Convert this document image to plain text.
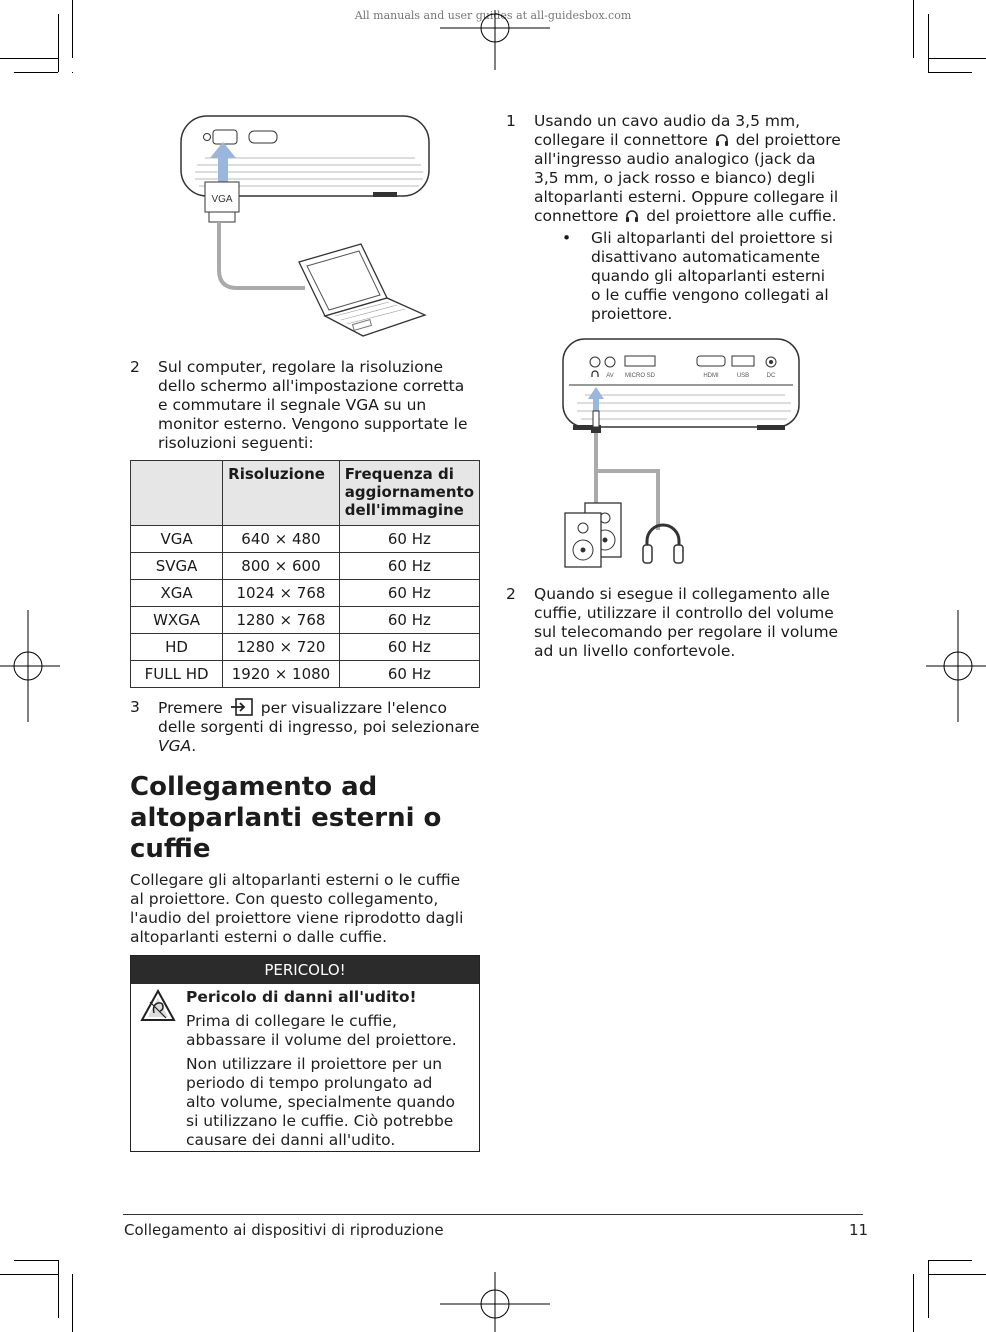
All manuals and user guides at all-guidesbox.com
VGA
2 Sul computer, regolare la risoluzione

dello schermo all'impostazione corretta

e commutare il segnale VGA su un

monitor esterno. Vengono supportate le

risoluzioni seguenti:

	Risoluzione	Frequenza di
aggiornamento
dell'immagine

VGA	640 × 480	60 Hz
SVGA	800 × 600	60 Hz
XGA	1024 × 768	60 Hz
WXGA	1280 × 768	60 Hz
HD	1280 × 720	60 Hz
FULL HD	1920 × 1080	60 Hz
3 Premere per visualizzare l'elenco

delle sorgenti di ingresso, poi selezionare

VGA.

Collegamento ad
altoparlanti esterni o
cuffie

Collegare gli altoparlanti esterni o le cuffie

al proiettore. Con questo collegamento,

l'audio del proiettore viene riprodotto dagli

altoparlanti esterni o dalle cuffie.

PERICOLO!

Pericolo di danni all'udito!

Prima di collegare le cuffie,

abbassare il volume del proiettore.

Non utilizzare il proiettore per un

periodo di tempo prolungato ad

alto volume, specialmente quando

si utilizzano le cuffie. Ciò potrebbe

causare dei danni all'udito.

1 Usando un cavo audio da 3,5 mm,

collegare il connettore del proiettore

all'ingresso audio analogico (jack da

3,5 mm, o jack rosso e bianco) degli

altoparlanti esterni. Oppure collegare il

connettore del proiettore alle cuffie.

• Gli altoparlanti del proiettore si

disattivano automaticamente

quando gli altoparlanti esterni

o le cuffie vengono collegati al

proiettore.

AV MICRO SD	HDMI	USB	DC
2 Quando si esegue il collegamento alle

cuffie, utilizzare il controllo del volume

sul telecomando per regolare il volume

ad un livello confortevole.

Collegamento ai dispositivi di riproduzione	11
